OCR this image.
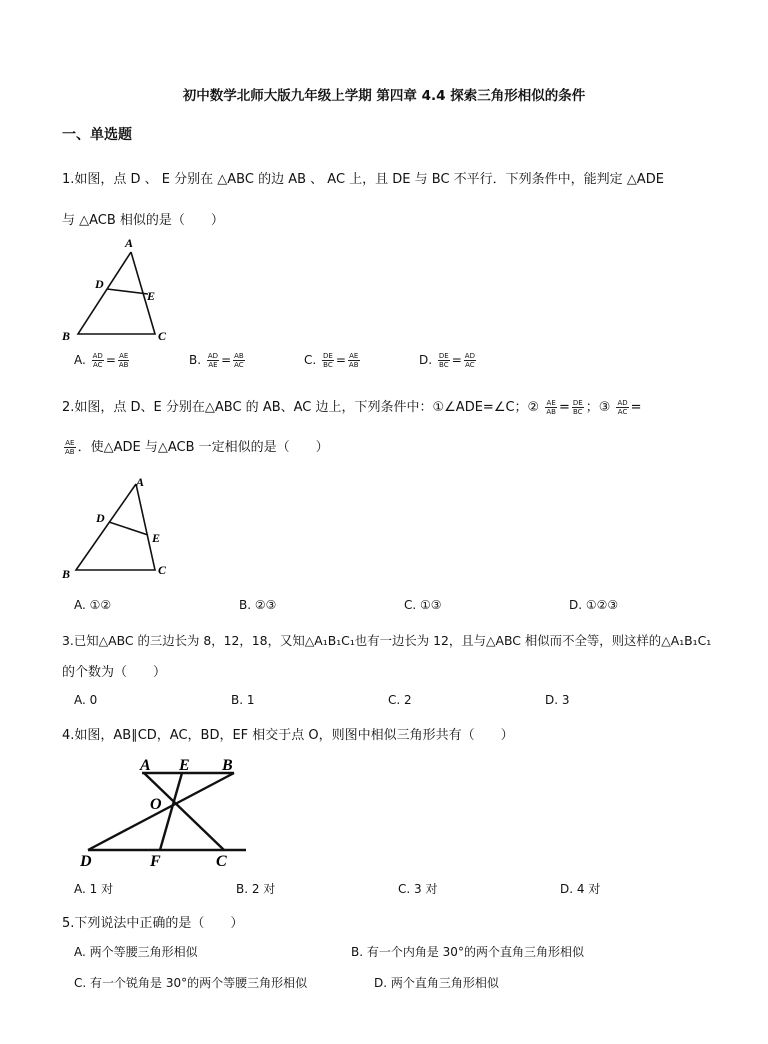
初中数学北师大版九年级上学期 第四章 4.4 探索三角形相似的条件
一、单选题
1.如图，点 D 、 E 分别在 △ABC 的边 AB 、 AC 上，且 DE 与 BC 不平行．下列条件中，能判定 △ADE
与 △ACB 相似的是（　　）
A
D
E
B	C
A. $\frac{AD}{AC} = \frac{AE}{AB}$	B. $\frac{AD}{AE} = \frac{AB}{AC}$	C. $\frac{DE}{BC} = \frac{AE}{AB}$	D. $\frac{DE}{BC} = \frac{AD}{AC}$
2.如图，点 D、E 分别在△ABC 的 AB、AC 边上，下列条件中：①∠ADE=∠C；② $\frac{AE}{AB} = \frac{DE}{BC}$ ；③ $\frac{AD}{AC}$ =
$\frac{AE}{AB}$ ．使△ADE 与△ACB 一定相似的是（　　）
A
D
E
B	C
A. ①②	B. ②③	C. ①③	D. ①②③
3.已知△ABC 的三边长为 8，12，18，又知△A₁B₁C₁也有一边长为 12，且与△ABC 相似而不全等，则这样的△A₁B₁C₁
的个数为（　　）
A. 0	B. 1	C. 2	D. 3
4.如图，AB∥CD，AC，BD，EF 相交于点 O，则图中相似三角形共有（　　）
A E B
O
D	F	C
A. 1 对	B. 2 对	C. 3 对	D. 4 对
5.下列说法中正确的是（　　）
A. 两个等腰三角形相似	B. 有一个内角是 30°的两个直角三角形相似
C. 有一个锐角是 30°的两个等腰三角形相似	D. 两个直角三角形相似
